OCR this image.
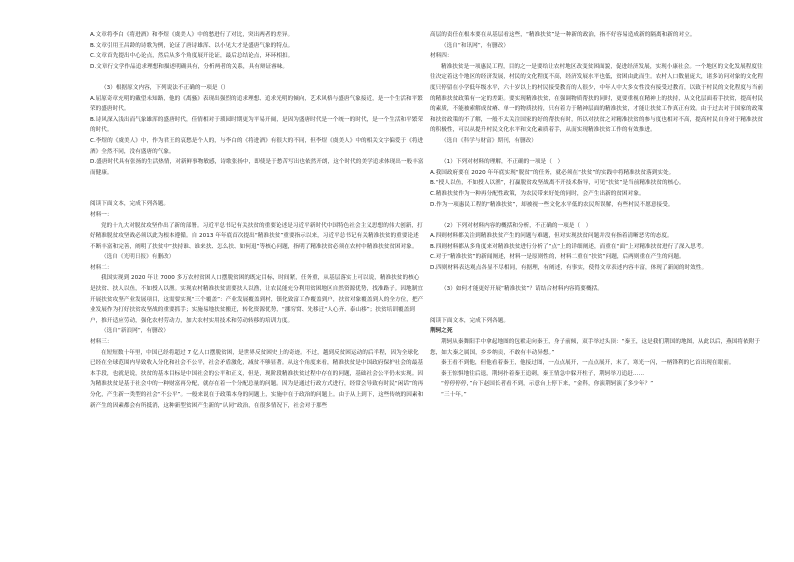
A.文章将李白《将进酒》和李煜《虞美人》中的愁进行了对比，突出两者的差异。

B.文章引用王昌龄的诗歌为例，论证了唐诗雄浑、以小见大才是盛唐气象的特点。

C.文章首先提出中心论点，然后从多个角度展开论证，最后总结论点，环环相扣。

D.文章行文学作品追求理想和描述明确具有，分析两者的关系，具有辩证睿味。

（3）根据原文内容，下列说法不正确的一项是（）

A.屈原奇章充明的戴望未知路，他的《离骚》表现出强烈的追求理想、追求光明的倾向，艺术风格与盛唐气象接近，是一个生活和平繁荣的盛唐时代。

B.诗风深入浅出而气象雄浑的盛唐时代，佳情相对于琐园时期更为平易开阔，是因为盛唐时代是一个统一的时代，是一个生活和平繁荣的时代。

C.李煜的《虞美人》中，作为君王的哀愁是个人的，与李白的《将进酒》有很大的不同，但李煜《虞美人》中的相关文字偏爱于《将进酒》全然不同，没有盛唐的气象。

D.盛唐时代具有张扬的生活热情，对新鲜事物敏感，诗歌张扬中，即使是于愁苦写出也依然开朗，这个时代的美学追求体现出一般丰富而健康。

阅读下面文本，完成下列各题。

材料一：

党的十九大对脱贫攻坚作出了新的部署。习近平总书记有关扶贫的重要论述是习近平新时代中国特色社会主义思想的伟大创新，打好精准脱贫攻坚战必须以此为根本遵循。自 2013 年年底首次提出“精准扶贫”重要指示以来，习近平总书记有关精准扶贫的重要论述不断丰富和完善，阐明了扶贫中“扶持谁、谁来扶、怎么扶、如何退”等核心问题，指明了精准扶贫必须在农村中精准扶贫贫困对象。

（选自《光明日报》有删改）

材料二：

我国实现到 2020 年让 7000 多万农村贫困人口摆脱贫困的既定目标，时间紧，任务重，从基层落实上可以说，精准扶贫的核心是扶贫、扶人以鱼，不如授人以渔。实现农村精准扶贫需要扶人以渔，让农民能充分利用贫困地区自然资源优势，找准路子。因地制宜开展扶贫攻坚产业发展项目，这需要实现“三个覆盖”：产业发展覆盖到村，镇化致富工作覆盖到户，扶贫对象覆盖到人的全方位，把产业发展作为打好扶贫攻坚战的重要抓手；实施易地扶贫搬迁，转化资源优势，“挪穷窝、先移迁“人心齐、泰山移”；扶贫培训覆盖到户，推开适应劳动，强化农村劳动力，加大农村实用技术和劳动转移的培训力度。

（选自“新浪网”，有删改）

材料三：

在短短数十年里，中国已经将超过 7 亿人口摆脱贫困，是世界反贫困史上的奇迹。不过，越到反贫困运动的后半程，因为全球化已经在全球范围内导致收入分化和社会不公平，社会矛盾激化，减贫不够显著。从这个角度来看，精准扶贫是中国政府保护社会的最基本手段，也就是说，扶贫的基本目标是中国社会的公平和正义，但是，现阶段精准扶贫过程中存在的问题，基础社会公平仍未实现。因为精准扶贫是基于社会中的一种财富再分配，就存在着一个分配总量的问题。因为是通过行政方式进行，经常会导致有时民“闲话”的再分化，产生新一类型的社会“不公平”。一般来说在于政策本身的问题上，实施中在于政治的问题上。由于从上到下，这些传统的因素和新产生的因素都会有所抵消，这种新型贫困产生新的“认同”政治，在很多情况下，社会对于那些

高层的责任在根本要在从基层看这些，“精准扶贫”是一种新的政治，指不好容易造成新的隔离和新的对立。

（选自“和讯网”，有删改）

材料四：

精准扶贫是一项惠民工程，目的之一是要给让农村地区改变贫困面貌，促进经济发展，实现小康社会。一个地区的文化发展程度往往决定着这个地区的经济发展，村民的文化程度不高，经济发展水平也低，贫困由此而生。农村人口数量庞大，诸多访问对象的文化程度只停留在小学低年级水平，六十岁以上的村民接受教育的人很少，中年人中大多女性没有接受过教育，以致于村民的文化程度与当前的精准扶贫政策有一定的差距。要实现精准扶贫，在强调物质帮扶的同时，更要重视在精神上的扶持，从文化层面着手扶贫，提高村民的素质，不能被索解成贫瘠、单一的物质扶持，只有着力于精神层面的精准扶贫，才能让扶贫工作真正有效。由于过去对于国家的政策和扶贫政策的不了解，一般不太关注国家的好的帮扶有时，所以对扶贫之对精准扶贫的参与度也相对不高，提高村民自身对于精准扶贫的积极性，可以从提升村民文化水平和文化素质着手，从而实现精准扶贫工作的有效推进。

（选自《科学与财富》期刊，有删改）

（1）下列对材料的理解，不正确的一项是（　）

A.我国政府要在 2020 年年底实现“脱贫”的任务，就必须在“扶贫”的实践中将精准扶贫落到实处。

B.“授人以鱼，不如授人以渔”，打赢脱贫攻坚战离不开技术指导，可见“扶贫”是当前精准扶贫的核心。

C.精准扶贫作为一种再分配性政策，为农民带来好处的同时，会产生出新的贫困对象。

D.作为一项惠民工程的“精准扶贫”，却被视一些文化水平低的农民所误解，有些村民不愿意接受。

（2）下列对材料内容的概括和分析，不正确的一项是（　）

A.四则材料都关注到精准扶贫产生的问题与难题，但对实现扶贫问题并没有指着清晰恶劣的态度。

B.四则材料都从多角度来对精准扶贫进行分析了“点”上的详细阐述，而重在“面”上对精准扶贫进行了深入思考。

C.对于“精准扶贫”的新闻阐述，材料一是原则性的，材料二重在“扶贫”问题，后两则重在产生的问题。

D.四则材料表达观点各显不尽相同，有据理，有阐述，有事实，使得文章表述内容丰富，体现了新闻的时效性。

（3）如何才能更好开展“精准扶贫”？请结合材料内容简要概括。

阅读下面文本，完成下列各题。

荆轲之死

荆轲从秦舞阳手中拿起地图的包袱走向秦王，身子前倾，双手举过头顶：“秦王，这是我们荆国的地图，从此以后，燕国将依附于您，如大秦之属国，乡乡纳贡，不敢有丰动异想。”

秦王看不到他，但他看着秦王，他接过图，一点点展开，一点点展开，末了，寒光一闪，一柄锋利的匕首出现在眼前。

秦王惊惧地往后退，荆轲扑着秦王追刺，秦王情急中躲开柱子，荆轲举刀追赶……

“停停停停，”台下赵国长者看不到，示意台上停下来，“金科，你演荆轲演了多少年？”

“三十年。”
